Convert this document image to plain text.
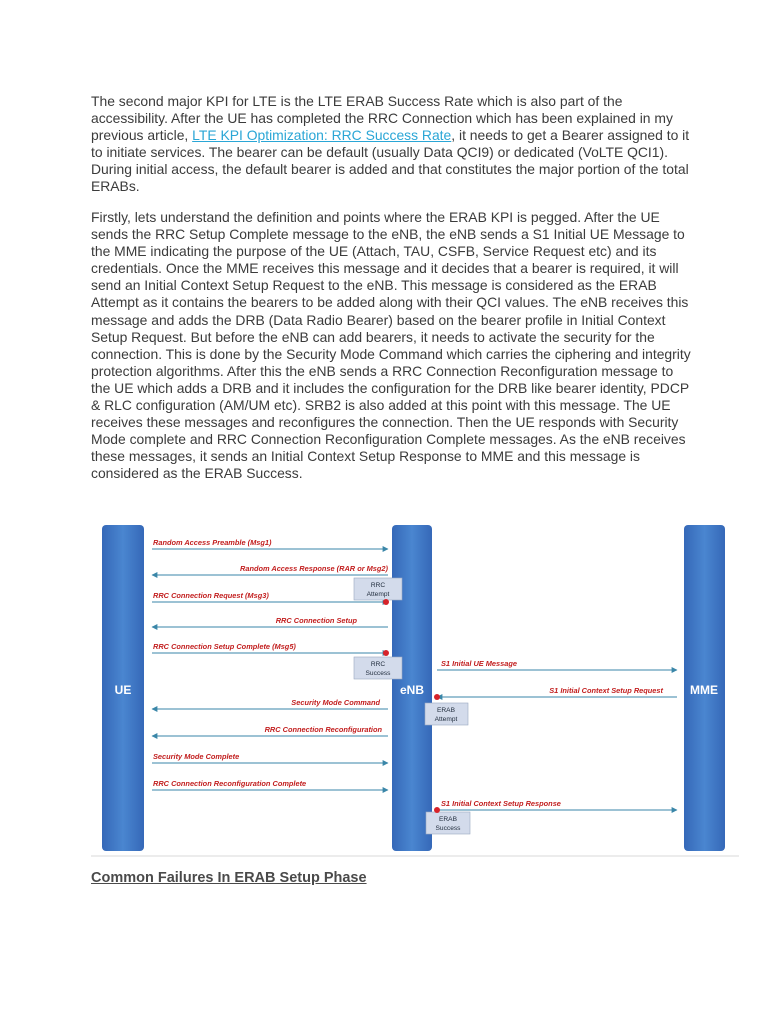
The second major KPI for LTE is the LTE ERAB Success Rate which is also part of the accessibility. After the UE has completed the RRC Connection which has been explained in my previous article, LTE KPI Optimization: RRC Success Rate, it needs to get a Bearer assigned to it to initiate services. The bearer can be default (usually Data QCI9) or dedicated (VoLTE QCI1). During initial access, the default bearer is added and that constitutes the major portion of the total ERABs.

Firstly, lets understand the definition and points where the ERAB KPI is pegged. After the UE sends the RRC Setup Complete message to the eNB, the eNB sends a S1 Initial UE Message to the MME indicating the purpose of the UE (Attach, TAU, CSFB, Service Request etc) and its credentials. Once the MME receives this message and it decides that a bearer is required, it will send an Initial Context Setup Request to the eNB. This message is considered as the ERAB Attempt as it contains the bearers to be added along with their QCI values. The eNB receives this message and adds the DRB (Data Radio Bearer) based on the bearer profile in Initial Context Setup Request. But before the eNB can add bearers, it needs to activate the security for the connection. This is done by the Security Mode Command which carries the ciphering and integrity protection algorithms. After this the eNB sends a RRC Connection Reconfiguration message to the UE which adds a DRB and it includes the configuration for the DRB like bearer identity, PDCP & RLC configuration (AM/UM etc). SRB2 is also added at this point with this message. The UE receives these messages and reconfigures the connection. Then the UE responds with Security Mode complete and RRC Connection Reconfiguration Complete messages. As the eNB receives these messages, it sends an Initial Context Setup Response to MME and this message is considered as the ERAB Success.

UE	eNB	MME
Random Access Preamble (Msg1)
Random Access Response (RAR or Msg2)
RRC Connection Request (Msg3)
RRC Connection Setup
RRC Connection Setup Complete (Msg5)
S1 Initial UE Message
S1 Initial Context Setup Request
Security Mode Command
RRC Connection Reconfiguration
Security Mode Complete
RRC Connection Reconfiguration Complete
S1 Initial Context Setup Response
RRC
Attempt
RRC
Success
ERAB
Attempt
ERAB
Success
Common Failures In ERAB Setup Phase
